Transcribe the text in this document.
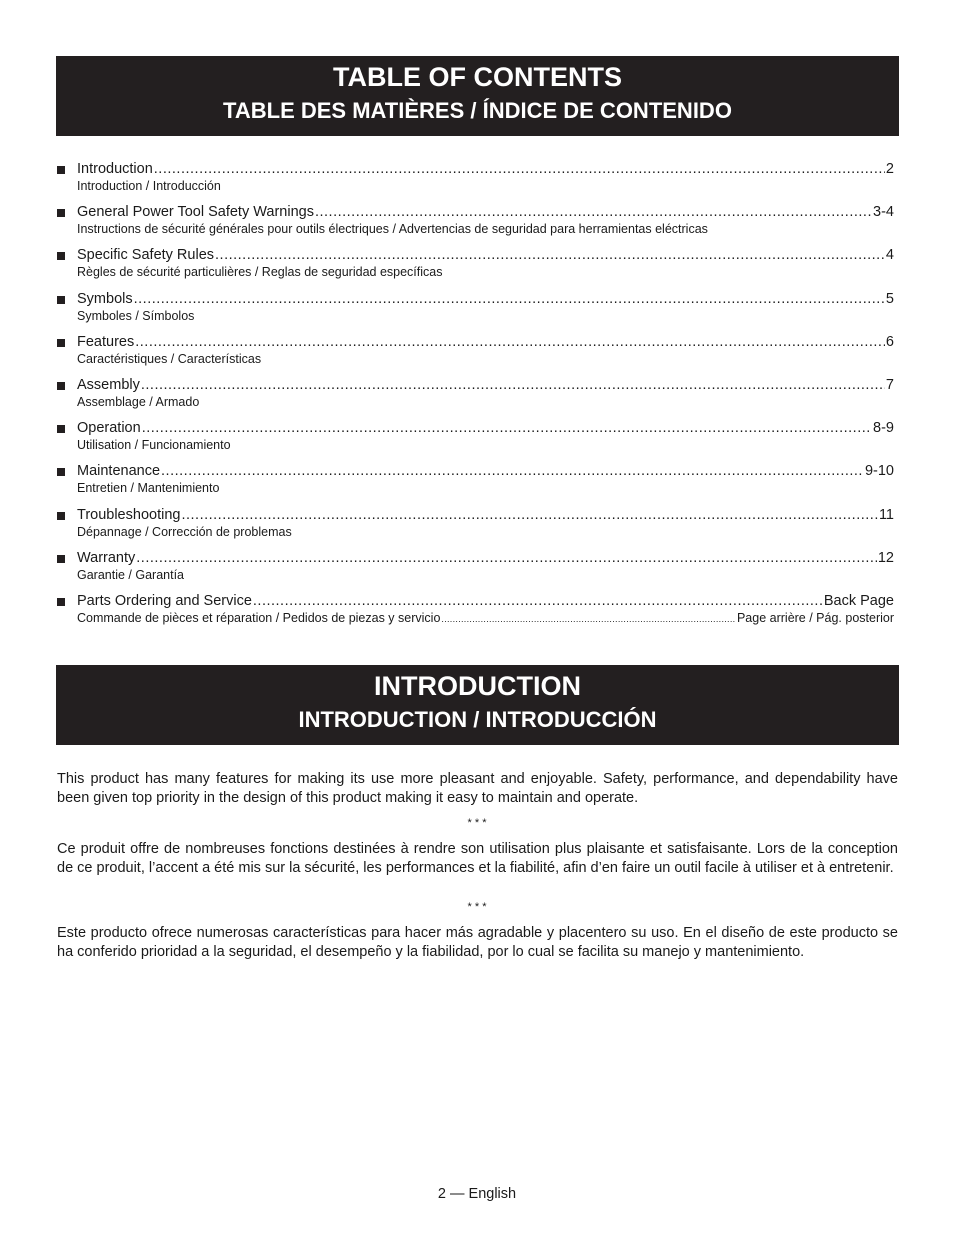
TABLE OF CONTENTS
TABLE DES MATIÈRES / ÍNDICE DE CONTENIDO
Introduction .....	2
Introduction / Introducción
General Power Tool Safety Warnings .....	3-4
Instructions de sécurité générales pour outils électriques / Advertencias de seguridad para herramientas eléctricas
Specific Safety Rules .....	4
Règles de sécurité particulières / Reglas de seguridad específicas
Symbols .....	5
Symboles / Símbolos
Features .....	6
Caractéristiques / Características
Assembly .....	7
Assemblage / Armado
Operation .....	8-9
Utilisation / Funcionamiento
Maintenance .....	9-10
Entretien / Mantenimiento
Troubleshooting .....	11
Dépannage / Corrección de problemas
Warranty .....	12
Garantie / Garantía
Parts Ordering and Service .....	Back Page
Commande de pièces et réparation / Pedidos de piezas y servicio .....	Page arrière / Pág. posterior
INTRODUCTION
INTRODUCTION / INTRODUCCIÓN

This product has many features for making its use more pleasant and enjoyable. Safety, performance, and dependability have been given top priority in the design of this product making it easy to maintain and operate.

* * *

Ce produit offre de nombreuses fonctions destinées à rendre son utilisation plus plaisante et satisfaisante. Lors de la conception de ce produit, l’accent a été mis sur la sécurité, les performances et la fiabilité, afin d’en faire un outil facile à utiliser et à entretenir.

* * *

Este producto ofrece numerosas características para hacer más agradable y placentero su uso. En el diseño de este producto se ha conferido prioridad a la seguridad, el desempeño y la fiabilidad, por lo cual se facilita su manejo y mantenimiento.

2 — English
